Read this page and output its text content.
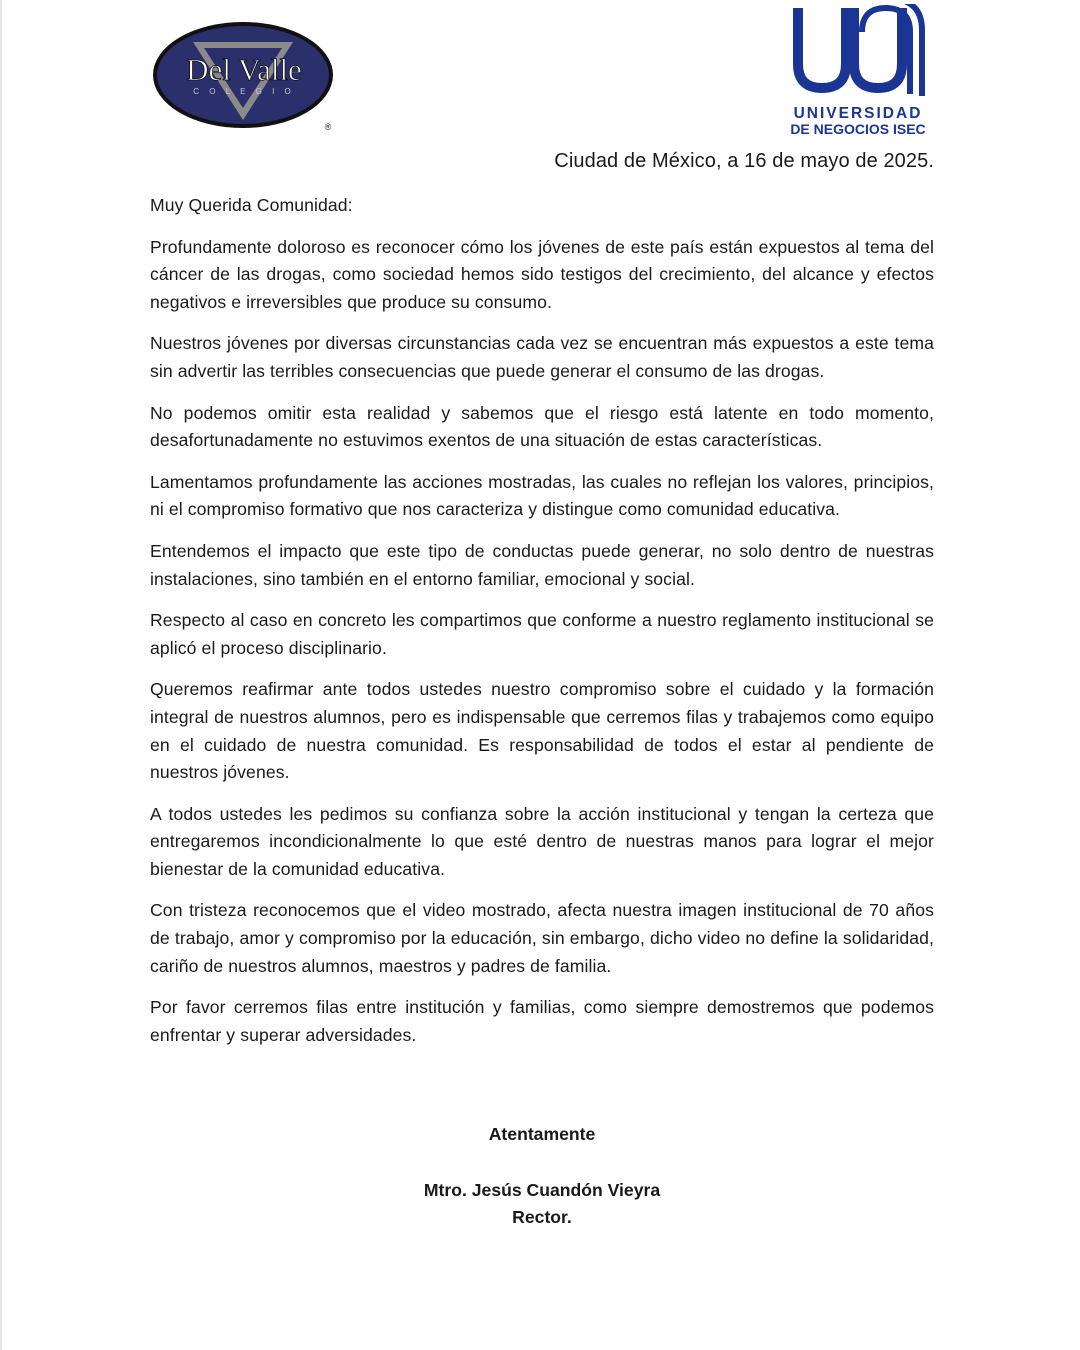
Del Valle
C O L E G I O
®
UNIVERSIDAD
DE NEGOCIOS ISEC
Ciudad de México, a 16 de mayo de 2025.

Muy Querida Comunidad:

Profundamente doloroso es reconocer cómo los jóvenes de este país están expuestos al tema del cáncer de las drogas, como sociedad hemos sido testigos del crecimiento, del alcance y efectos negativos e irreversibles que produce su consumo.

Nuestros jóvenes por diversas circunstancias cada vez se encuentran más expuestos a este tema sin advertir las terribles consecuencias que puede generar el consumo de las drogas.

No podemos omitir esta realidad y sabemos que el riesgo está latente en todo momento, desafortunadamente no estuvimos exentos de una situación de estas características.

Lamentamos profundamente las acciones mostradas, las cuales no reflejan los valores, principios, ni el compromiso formativo que nos caracteriza y distingue como comunidad educativa.

Entendemos el impacto que este tipo de conductas puede generar, no solo dentro de nuestras instalaciones, sino también en el entorno familiar, emocional y social.

Respecto al caso en concreto les compartimos que conforme a nuestro reglamento institucional se aplicó el proceso disciplinario.

Queremos reafirmar ante todos ustedes nuestro compromiso sobre el cuidado y la formación integral de nuestros alumnos, pero es indispensable que cerremos filas y trabajemos como equipo en el cuidado de nuestra comunidad. Es responsabilidad de todos el estar al pendiente de nuestros jóvenes.

A todos ustedes les pedimos su confianza sobre la acción institucional y tengan la certeza que entregaremos incondicionalmente lo que esté dentro de nuestras manos para lograr el mejor bienestar de la comunidad educativa.

Con tristeza reconocemos que el video mostrado, afecta nuestra imagen institucional de 70 años de trabajo, amor y compromiso por la educación, sin embargo, dicho video no define la solidaridad, cariño de nuestros alumnos, maestros y padres de familia.

Por favor cerremos filas entre institución y familias, como siempre demostremos que podemos enfrentar y superar adversidades.

Atentamente
Mtro. Jesús Cuandón Vieyra
Rector.
